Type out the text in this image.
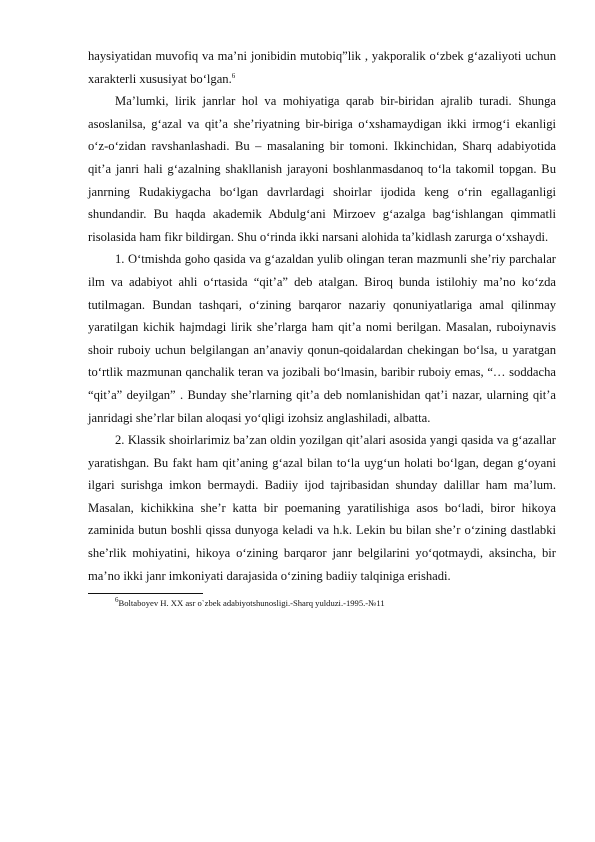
haysiyatidan muvofiq va ma’ni jonibidin mutobiq”lik , yakporalik o‘zbek g‘azaliyoti uchun xarakterli xususiyat bo‘lgan.$^6$

Ma’lumki, lirik janrlar hol va mohiyatiga qarab bir-biridan ajralib turadi. Shunga asoslanilsa, g‘azal va qit’a she’riyatning bir-biriga o‘xshamaydigan ikki irmog‘i ekanligi o‘z-o‘zidan ravshanlashadi. Bu – masalaning bir tomoni. Ikkinchidan, Sharq adabiyotida qit’a janri hali g‘azalning shakllanish jarayoni boshlanmasdanoq to‘la takomil topgan. Bu janrning Rudakiygacha bo‘lgan davrlardagi shoirlar ijodida keng o‘rin egallaganligi shundandir. Bu haqda akademik Abdulg‘ani Mirzoev g‘azalga bag‘ishlangan qimmatli risolasida ham fikr bildirgan. Shu o‘rinda ikki narsani alohida ta’kidlash zarurga o‘xshaydi.

1. O‘tmishda goho qasida va g‘azaldan yulib olingan teran mazmunli she’riy parchalar ilm va adabiyot ahli o‘rtasida “qit’a” deb atalgan. Biroq bunda istilohiy ma’no ko‘zda tutilmagan. Bundan tashqari, o‘zining barqaror nazariy qonuniyatlariga amal qilinmay yaratilgan kichik hajmdagi lirik she’rlarga ham qit’a nomi berilgan. Masalan, ruboiynavis shoir ruboiy uchun belgilangan an’anaviy qonun-qoidalardan chekingan bo‘lsa, u yaratgan to‘rtlik mazmunan qanchalik teran va jozibali bo‘lmasin, baribir ruboiy emas, “… soddacha “qit’a” deyilgan” . Bunday she’rlarning qit’a deb nomlanishidan qat’i nazar, ularning qit’a janridagi she’rlar bilan aloqasi yo‘qligi izohsiz anglashiladi, albatta.

2. Klassik shoirlarimiz ba’zan oldin yozilgan qit’alari asosida yangi qasida va g‘azallar yaratishgan. Bu fakt ham qit’aning g‘azal bilan to‘la uyg‘un holati bo‘lgan, degan g‘oyani ilgari surishga imkon bermaydi. Badiiy ijod tajribasidan shunday dalillar ham ma’lum. Masalan, kichikkina she’r katta bir poemaning yaratilishiga asos bo‘ladi, biror hikoya zaminida butun boshli qissa dunyoga keladi va h.k. Lekin bu bilan she’r o‘zining dastlabki she’rlik mohiyatini, hikoya o‘zining barqaror janr belgilarini yo‘qotmaydi, aksincha, bir ma’no ikki janr imkoniyati darajasida o‘zining badiiy talqiniga erishadi.

$^6$Boltaboyev H. XX asr o`zbek adabiyotshunosligi.-Sharq yulduzi.-1995.-№11
